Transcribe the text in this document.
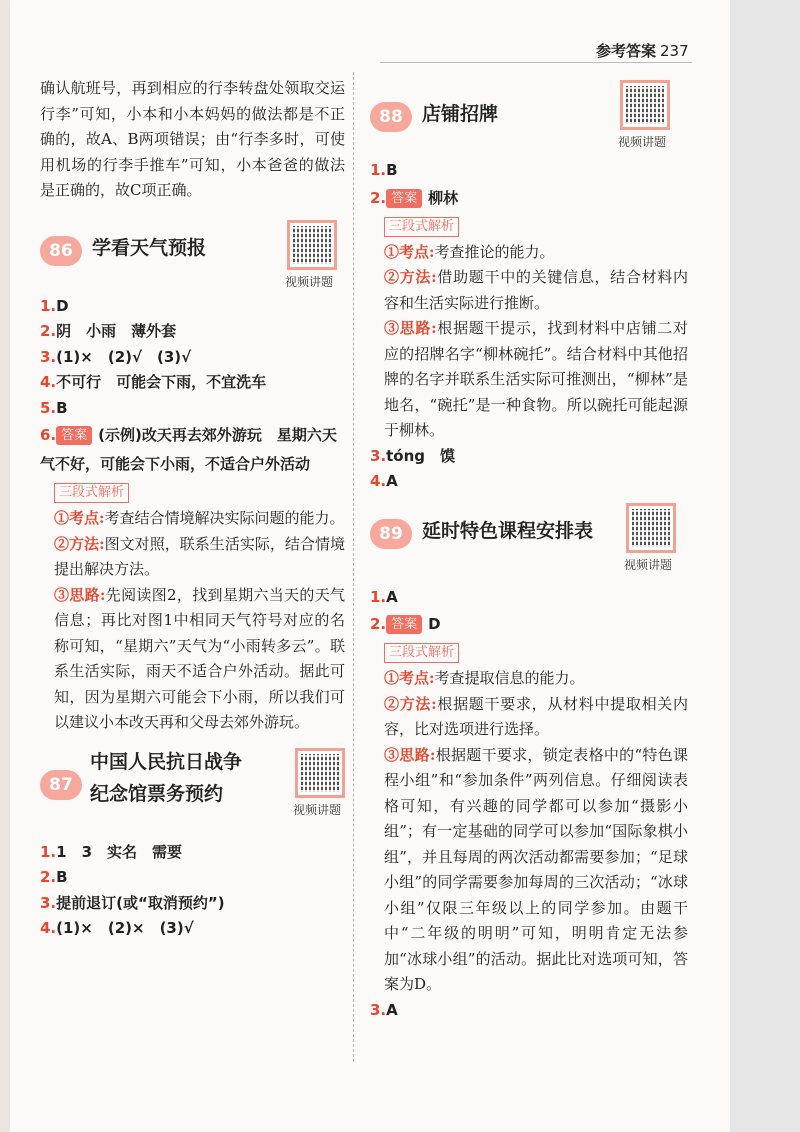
参考答案 237

确认航班号，再到相应的行李转盘处领取交运行李”可知，小本和小本妈妈的做法都是不正确的，故A、B两项错误；由“行李多时，可使用机场的行李手推车”可知，小本爸爸的做法是正确的，故C项正确。

86	学看天气预报
视频讲题

1.D

2.阴　小雨　薄外套

3.(1)×　(2)√　(3)√

4.不可行　可能会下雨，不宜洗车

5.B

6. 答案 (示例)改天再去郊外游玩　星期六天气不好，可能会下小雨，不适合户外活动

三段式解析

①考点:考查结合情境解决实际问题的能力。

②方法:图文对照，联系生活实际，结合情境提出解决方法。

③思路:先阅读图2，找到星期六当天的天气信息；再比对图1中相同天气符号对应的名称可知，“星期六”天气为“小雨转多云”。联系生活实际，雨天不适合户外活动。据此可知，因为星期六可能会下小雨，所以我们可以建议小本改天再和父母去郊外游玩。

87
中国人民抗日战争
纪念馆票务预约
视频讲题

1.1　3　实名　需要

2.B

3.提前退订(或“取消预约”)

4.(1)×　(2)×　(3)√

88	店铺招牌
视频讲题

1.B

2. 答案 柳林

三段式解析

①考点:考查推论的能力。

②方法:借助题干中的关键信息，结合材料内容和生活实际进行推断。

③思路:根据题干提示，找到材料中店铺二对应的招牌名字“柳林碗托”。结合材料中其他招牌的名字并联系生活实际可推测出，“柳林”是地名，“碗托”是一种食物。所以碗托可能起源于柳林。

3.tóng　馍

4.A

89	延时特色课程安排表
视频讲题

1.A

2. 答案 D

三段式解析

①考点:考查提取信息的能力。

②方法:根据题干要求，从材料中提取相关内容，比对选项进行选择。

③思路:根据题干要求，锁定表格中的“特色课程小组”和“参加条件”两列信息。仔细阅读表格可知，有兴趣的同学都可以参加“摄影小组”；有一定基础的同学可以参加“国际象棋小组”，并且每周的两次活动都需要参加；“足球小组”的同学需要参加每周的三次活动；“冰球小组”仅限三年级以上的同学参加。由题干中“二年级的明明”可知，明明肯定无法参加“冰球小组”的活动。据此比对选项可知，答案为D。

3.A
